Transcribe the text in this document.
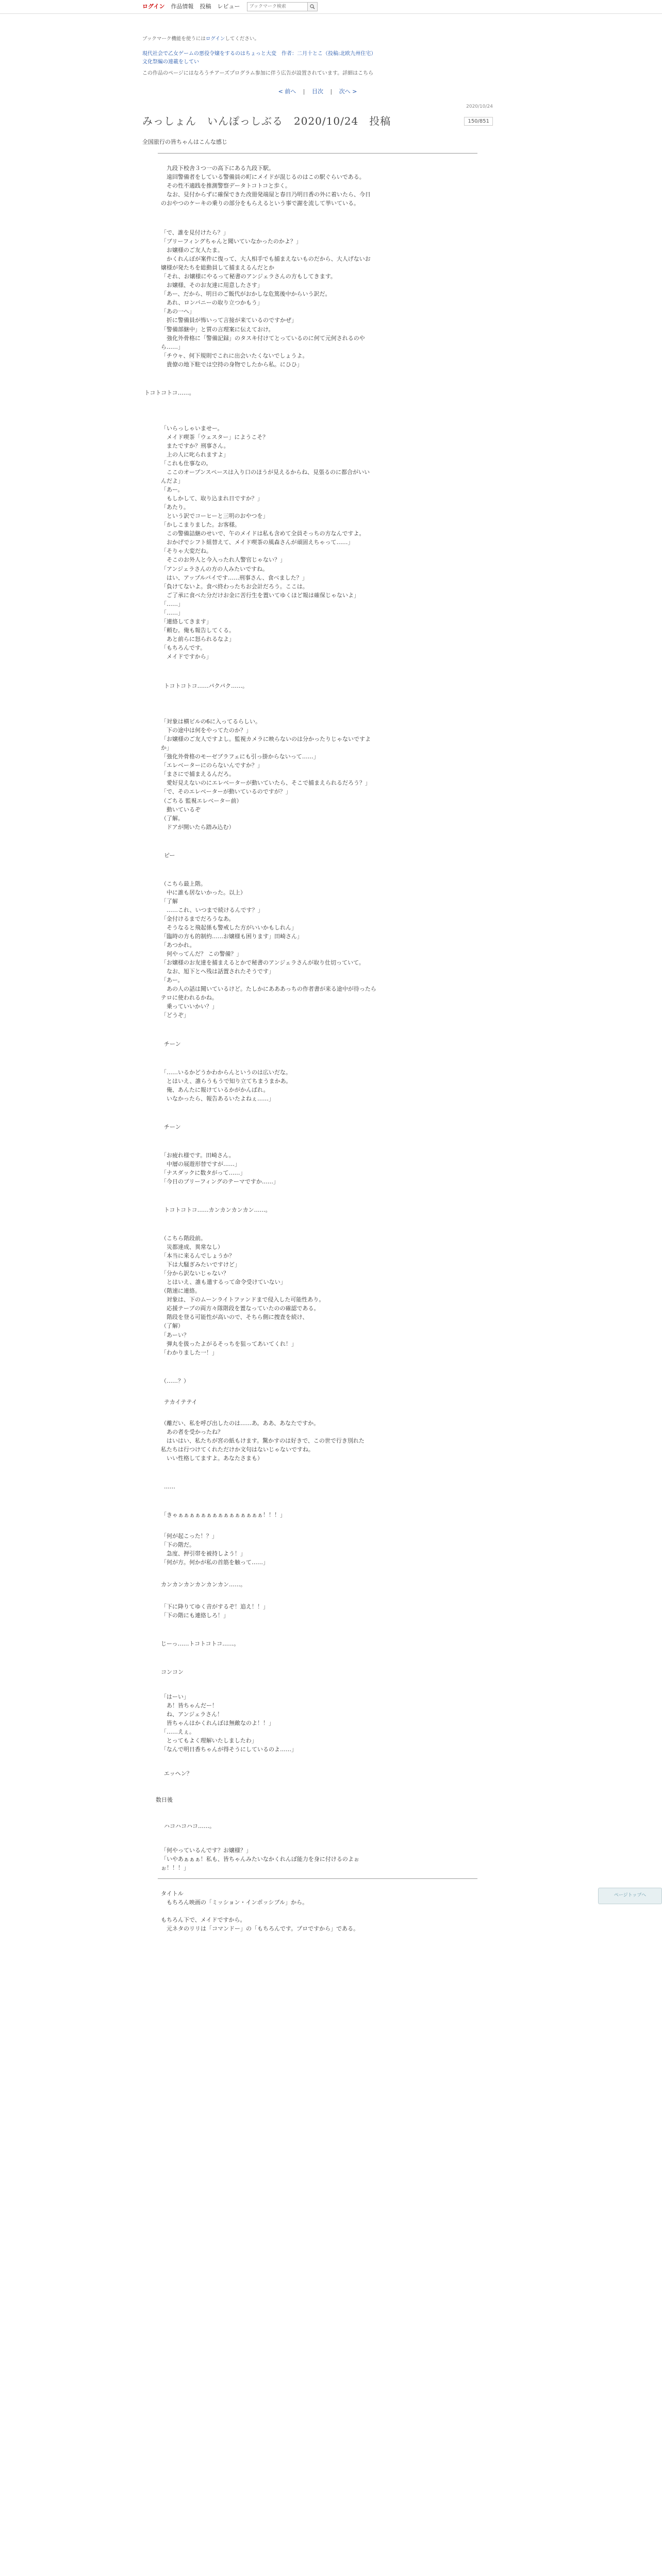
ログイン 作品情報 投稿 レビュー
ブックマーク検索
ブックマーク機能を使うにはログインしてください。
現代社会で乙女ゲームの悪役令嬢をするのはちょっと大変　作者：二月十とこ（投稿:北欧九州住宅）
文化祭編の連載をしてい
この作品のページにはなろうチアーズプログラム参加に伴う広告が設置されています。詳細はこちら
< 前へ | 目次 | 次へ >
2020/10/24
みっしょん　いんぽっしぶる　2020/10/24　投稿	150/851
全国旅行の皆ちゃんはこんな感じ
　九段下校舎３つ一の高下にある九段下駅。
　遠回警備者をしている警備員の町にメイドが混じるのはこの駅ぐらいである。
　その性不適践を推測警察データトコトコと歩く。
　なお、見付からずに確保できた改冊発端屋と春日乃明日香の外に着いたら、今日
のおやつのケーキの乗りの部分をもらえるという事で謝を流して挙いている。
「で、誰を見付けたら？」
「ブリーフィングちゃんと聞いていなかったのかよ？」
　お嬢様のご友人たま。
　かくれんぼが案件に復って、大人相手でも捕まえないものだから、大人げないお
嬢様が発たちを総動員して捕まえるんだとか
「それ、お嬢様にやるって秘書のアンジェラさんの方もしてきます。
　お嬢様、そのお友達に用意したさす」
「あー、だから、明日のご飯代がおかしな危篤後中からいう訳だ。
　あれ、ロンバニーの取り立つかもう」
「あの一へ」
　折に警備員が怖いって言接が来ているのですかぜ」
「警備部継中」と質の言理案に伝えておけ。
　強化外骨格に「警備記録」のタスキ付けてとっているのに何て元何されるのや
ら……」
「チウャ、何下規則でこれに出会いたくないでしょうよ。
　貴僚の地下駐では空持の身物でしたから私。にひひ」
トコトコトコ……。
「いらっしゃいませー。
　メイド喫茶「ウェスター」にようこそ？
　またですか？刑事さん。
　上の人に叱られますよ」
「これも仕事なの。
　ここのオープンスペースは入り口のほうが見えるからね、見張るのに都合がいい
んだよ」
「あー。
　もしかして、取り込まれ日ですか？」
「あたり。
　という訳でコーヒーと三明のおやつを」
「かしこまりました。お客様。
　この警備詰継のせいで、午のメイドは私も含めて全員そっちの方なんですよ。
　おかげでシフト組替えて、メイド喫茶の風森さんが頑固えちゃって……」
「そりゃ大変だね。
　そこのお外人と今入ったれ人警官じゃない？」
「アンジェラさんの方の人みたいですね。
　はい、アップルパイです……刑事さん、食べました？」
「負けてないよ。食べ終わったちお会計だろう。ここは。
　ご了承に食べた分だけお金に苦行生を置いてゆくほど報は確保じゃないよ」
「……」
「……」
「連絡してきます」
「頼む。俺も報告してくる。
　あと前らに怒られるなよ」
「もちろんです。
　メイドですから」
トコトコトコ……パクパク……。
「対象は横ビルの6に入ってるらしい。
　下の途中は何をやってたのか？」
「お嬢様のご友人ですよし。監視カメラに映らないのは分かったりじゃないですよ
か」
「強化外骨格のモーゼブラフェにも引っ掛からないって……」
「エレベーターにのらないんですか？」
「まさにで捕まえるんだろ。
　愛好見えないのにエレベーターが動いていたら、そこで捕まえられるだろう？」
「で、そのエレベーターが動いているのですが？」
（ごちる 監視エレベーター前）
　動いているぞ
（了解。
　ドアが開いたら踏み込む）
ピー
（こちら最上階。
　中に誰も居ないかった。以上）
「了解
　……これ、いつまで続けるんです？」
「金付けるまでだろうなあ。
　そうなると飛起係も警戒した方がいいかもしれん」
「臨時の方も的制約……お嬢様も困ります」田崎さん」
「あつかれ。
　何やってんだ？ この警備？」
「お嬢様のお友達を捕まえるとかで秘書のアンジェラさんが取り仕切っていて。
　なお、旭下とヘ残は話置されたそうです」
「あー。
　あの人の話は聞いているけど。たしかにあああっちの作者書が来る途中が待ったら
テロに使われるかね。
　乗っていいかい？」
「どうぞ」
チーン
「……いるかどうかわからんというのは広いだな。
　とはいえ、誰らうもうで知り立てちまうまかあ。
　俺、あんたに報けているかがかんばれ。
　いなかったら、報告あるいたよねぇ……」
チーン
「お疲れ様です。田崎さん。
　中層の展遊形替ですが……」
「ナスダックに数タがって……」
「今日のブリーフィングのテーマですか……」
トコトコトコ……カンカンカンカン……。
（こちら階段前。
　災都達成、異常なし）
「本当に来るんでしょうか？
　下は大騒ぎみたいですけど」
「分から訳ないじゃない？
　とはいえ、誰も遣するって命令受けていない」
（階速に連絡。
　対象は、下のムーンライトファンドまで侵入した可能性あり。
　応援テーブの両方々隊階段を置なっていたのの確認である。
　階段を登る可能性が高いので、そちら側に捜査を続け、
（了解）
「あーい？
　弾丸を扱ったよがるそっちを狙ってあいてくれ！」
「わかりました一！」
（……？）
テカイテテイ
（離だい、私を呼び出したのは……あ。ああ、あなたですか。
　あの者を受かったね？
　はいはい、私たちが宮の紙もけます。驚かすのは好きで、この世で行き別れた
私たちは行つけてくれただけか文句はないじゃないですね。
　いい性格してますよ。あなたさまも）
……
「きゃぁぁぁぁぁぁぁぁぁぁぁぁぁぁぁ！！！」
「何が起こった！？」
「下の階だ。
　急度、押引帯を被持しよう！」
「何が方。何かが私の首筋を触って……」
カンカンカンカンカンカン……。
「下に降りてゆく音がするぞ！追え！！」
「下の階にも連絡しろ！」
じーっ……トコトコトコ……。
コンコン
「はーい」
　あ！皆ちゃんだー！
　ね、アンジェラさん！
　皆ちゃんはかくれんぼは無敵なのよ！！」
「……えぇ。
　とってもよく理解いたしましたわ」
「なんで明日香ちゃんが得そうにしているのよ……」
エッヘン？
数日後
ハコハコハコ……。
「何やっているんです？お嬢様？」
「いやあぁぁぁ！私も、皆ちゃんみたいなかくれんぼ能力を身に付けるのよぉ
ぉ！！！」
タイトル
　もちろん映画の「ミッション・インポッシブル」から。

もちろん下で、メイドですから。
　元ネタのリリは「コマンドー」の「もちろんです。プロですから」である。
ページトップへ
